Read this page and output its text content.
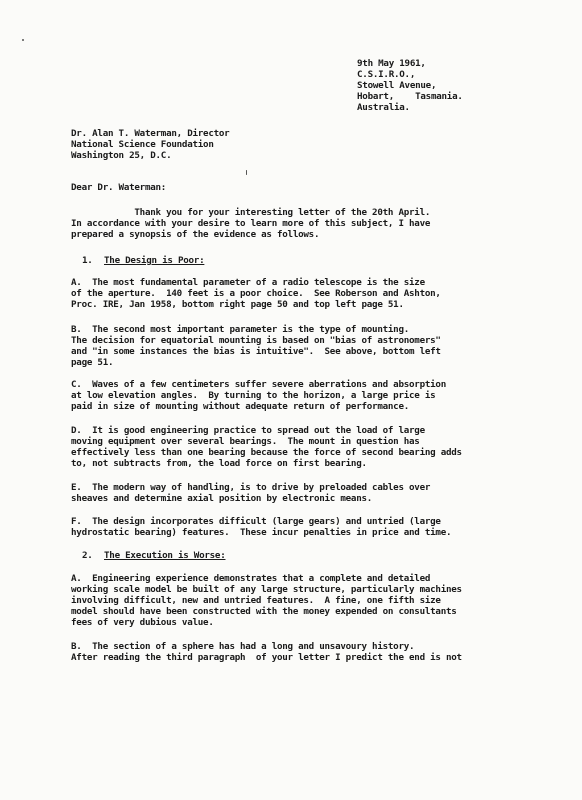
9th May 1961,
C.S.I.R.O.,
Stowell Avenue,
Hobart,    Tasmania.
Australia.
Dr. Alan T. Waterman, Director
National Science Foundation
Washington 25, D.C.
Dear Dr. Waterman:
Thank you for your interesting letter of the 20th April.
In accordance with your desire to learn more of this subject, I have
prepared a synopsis of the evidence as follows.
1. The Design is Poor:
A.  The most fundamental parameter of a radio telescope is the size
of the aperture.  140 feet is a poor choice.  See Roberson and Ashton,
Proc. IRE, Jan 1958, bottom right page 50 and top left page 51.
B.  The second most important parameter is the type of mounting.
The decision for equatorial mounting is based on "bias of astronomers"
and "in some instances the bias is intuitive".  See above, bottom left
page 51.
C.  Waves of a few centimeters suffer severe aberrations and absorption
at low elevation angles.  By turning to the horizon, a large price is
paid in size of mounting without adequate return of performance.
D.  It is good engineering practice to spread out the load of large
moving equipment over several bearings.  The mount in question has
effectively less than one bearing because the force of second bearing adds
to, not subtracts from, the load force on first bearing.
E.  The modern way of handling, is to drive by preloaded cables over
sheaves and determine axial position by electronic means.
F.  The design incorporates difficult (large gears) and untried (large
hydrostatic bearing) features.  These incur penalties in price and time.
2. The Execution is Worse:
A.  Engineering experience demonstrates that a complete and detailed
working scale model be built of any large structure, particularly machines
involving difficult, new and untried features.  A fine, one fifth size
model should have been constructed with the money expended on consultants
fees of very dubious value.
B.  The section of a sphere has had a long and unsavoury history.
After reading the third paragraph  of your letter I predict the end is not
